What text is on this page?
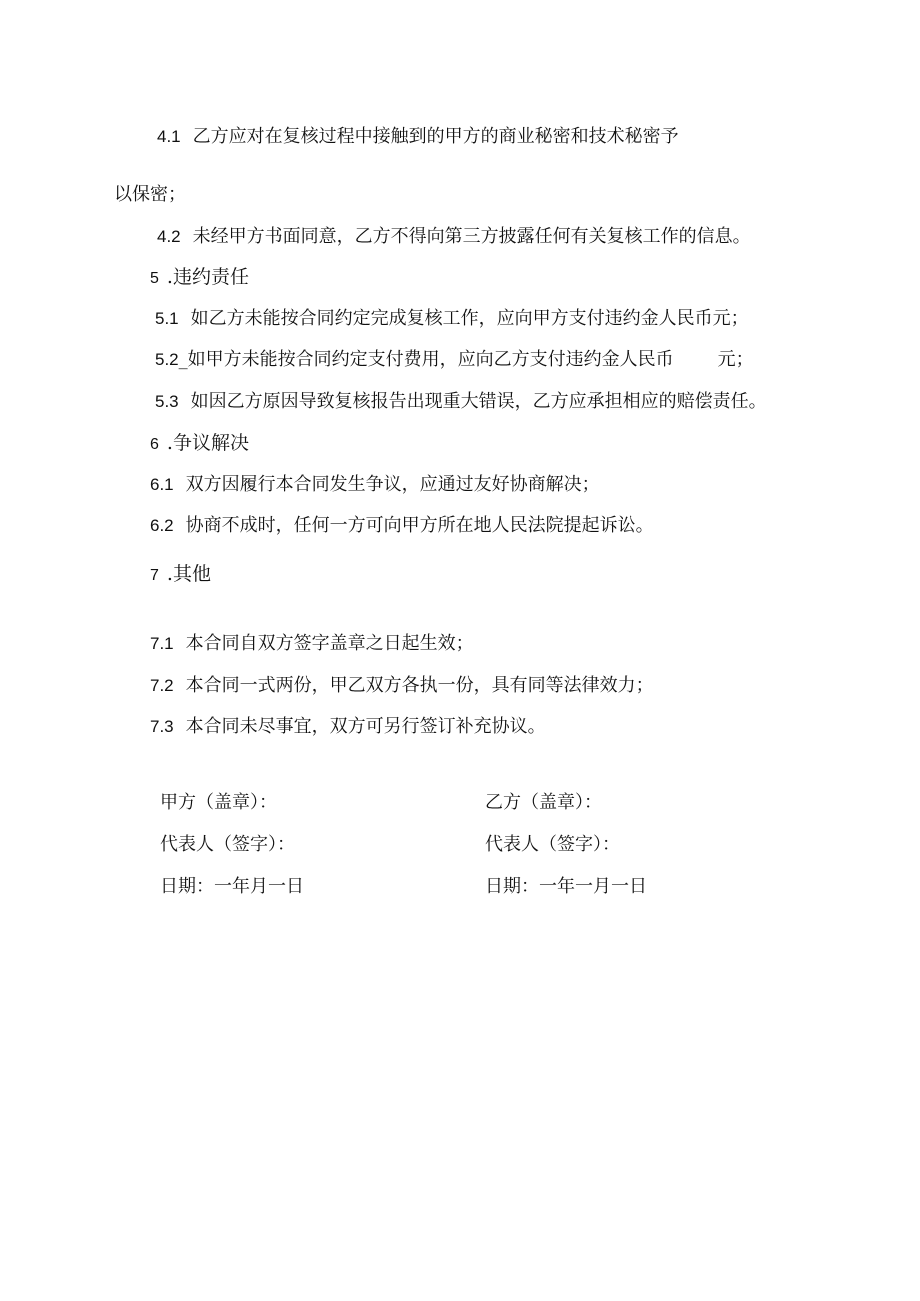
4.1 乙方应对在复核过程中接触到的甲方的商业秘密和技术秘密予
以保密；
4.2 未经甲方书面同意，乙方不得向第三方披露任何有关复核工作的信息。
5 .违约责任
5.1 如乙方未能按合同约定完成复核工作，应向甲方支付违约金人民币元；
5.2_如甲方未能按合同约定支付费用，应向乙方支付违约金人民币 元；
5.3 如因乙方原因导致复核报告出现重大错误，乙方应承担相应的赔偿责任。
6 .争议解决
6.1 双方因履行本合同发生争议，应通过友好协商解决；
6.2 协商不成时，任何一方可向甲方所在地人民法院提起诉讼。
7 .其他
7.1 本合同自双方签字盖章之日起生效；
7.2 本合同一式两份，甲乙双方各执一份，具有同等法律效力；
7.3 本合同未尽事宜，双方可另行签订补充协议。
甲方（盖章）：
代表人（签字）：
日期：一年月一日
乙方（盖章）：
代表人（签字）：
日期：一年一月一日
